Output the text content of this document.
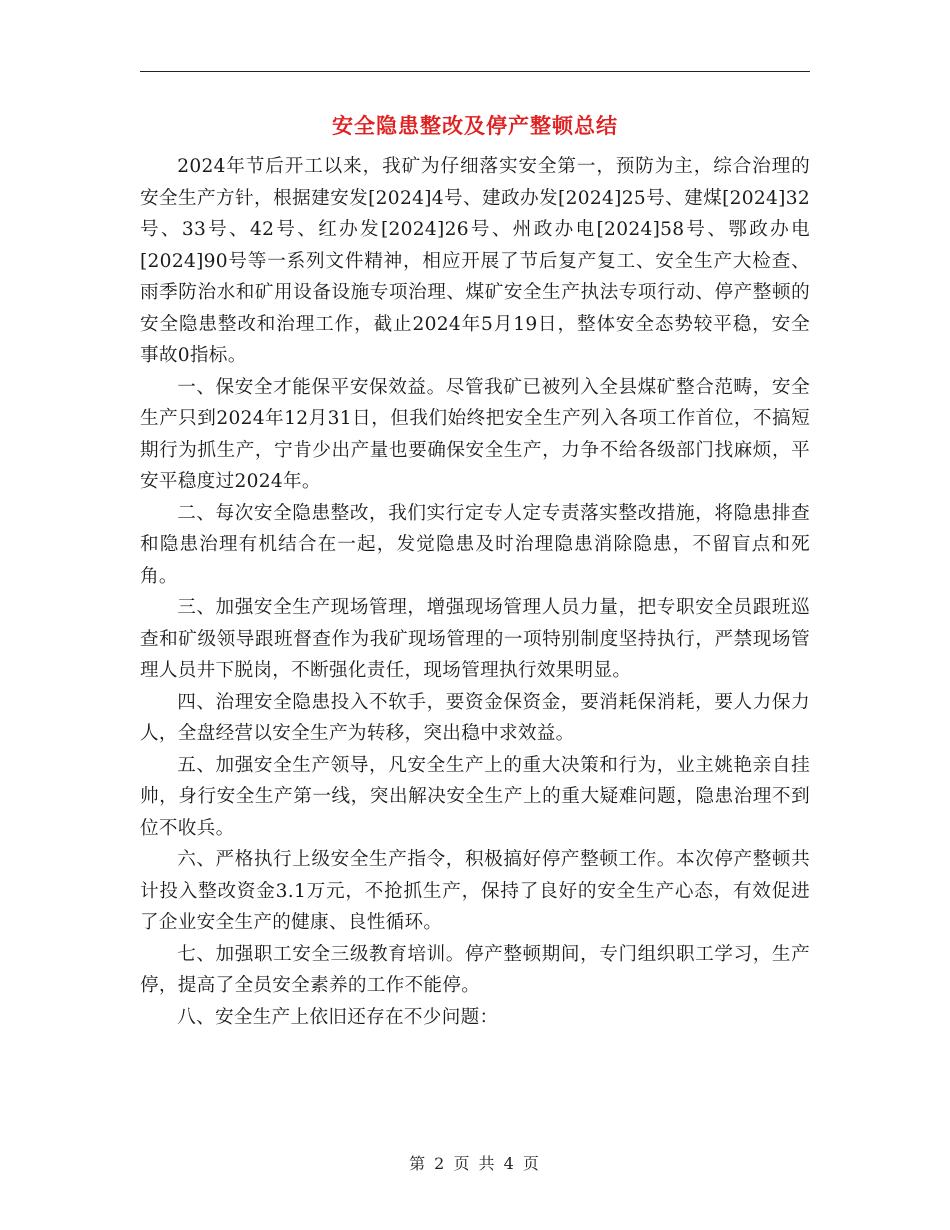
安全隐患整改及停产整顿总结

2024年节后开工以来，我矿为仔细落实安全第一，预防为主，综合治理的安全生产方针，根据建安发[2024]4号、建政办发[2024]25号、建煤[2024]32号、33号、42号、红办发[2024]26号、州政办电[2024]58号、鄂政办电[2024]90号等一系列文件精神，相应开展了节后复产复工、安全生产大检查、雨季防治水和矿用设备设施专项治理、煤矿安全生产执法专项行动、停产整顿的安全隐患整改和治理工作，截止2024年5月19日，整体安全态势较平稳，安全事故0指标。

一、保安全才能保平安保效益。尽管我矿已被列入全县煤矿整合范畴，安全生产只到2024年12月31日，但我们始终把安全生产列入各项工作首位，不搞短期行为抓生产，宁肯少出产量也要确保安全生产，力争不给各级部门找麻烦，平安平稳度过2024年。

二、每次安全隐患整改，我们实行定专人定专责落实整改措施，将隐患排查和隐患治理有机结合在一起，发觉隐患及时治理隐患消除隐患，不留盲点和死角。

三、加强安全生产现场管理，增强现场管理人员力量，把专职安全员跟班巡查和矿级领导跟班督查作为我矿现场管理的一项特别制度坚持执行，严禁现场管理人员井下脱岗，不断强化责任，现场管理执行效果明显。

四、治理安全隐患投入不软手，要资金保资金，要消耗保消耗，要人力保力人，全盘经营以安全生产为转移，突出稳中求效益。

五、加强安全生产领导，凡安全生产上的重大决策和行为，业主姚艳亲自挂帅，身行安全生产第一线，突出解决安全生产上的重大疑难问题，隐患治理不到位不收兵。

六、严格执行上级安全生产指令，积极搞好停产整顿工作。本次停产整顿共计投入整改资金3.1万元，不抢抓生产，保持了良好的安全生产心态，有效促进了企业安全生产的健康、良性循环。

七、加强职工安全三级教育培训。停产整顿期间，专门组织职工学习，生产停，提高了全员安全素养的工作不能停。

八、安全生产上依旧还存在不少问题：

第 2 页 共 4 页
